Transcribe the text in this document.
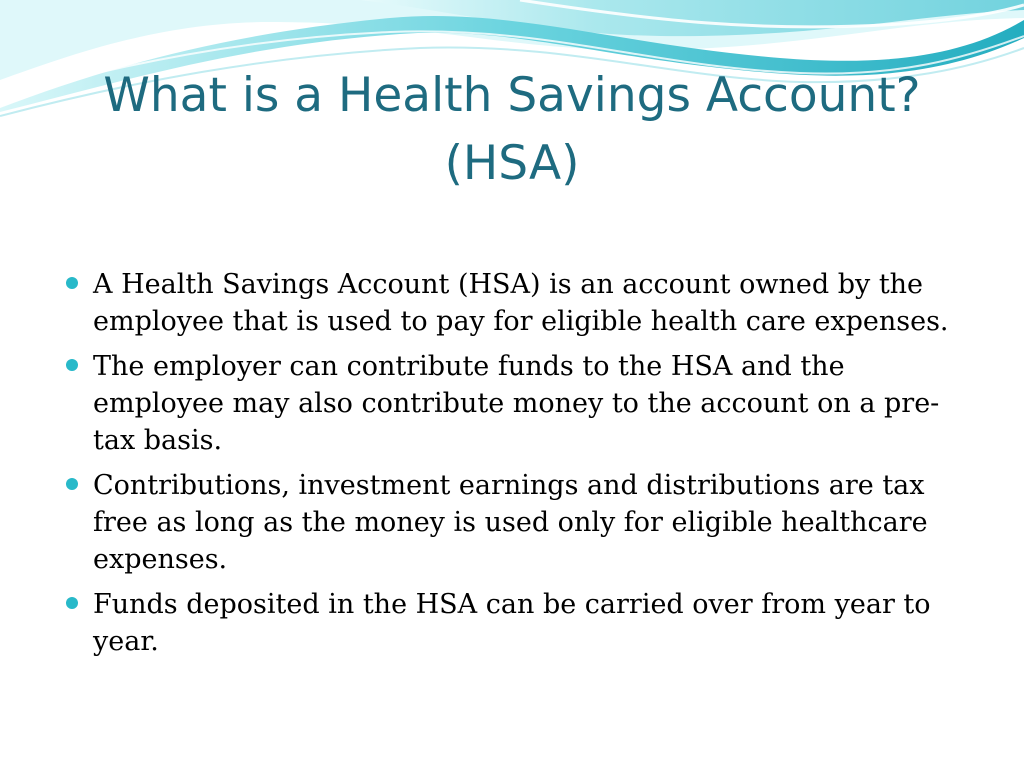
What is a Health Savings Account?
(HSA)
A Health Savings Account (HSA) is an account owned by the employee that is used to pay for eligible health care expenses.
The employer can contribute funds to the HSA and the employee may also contribute money to the account on a pre-tax basis.
Contributions, investment earnings and distributions are tax free as long as the money is used only for eligible healthcare expenses.
Funds deposited in the HSA can be carried over from year to year.
